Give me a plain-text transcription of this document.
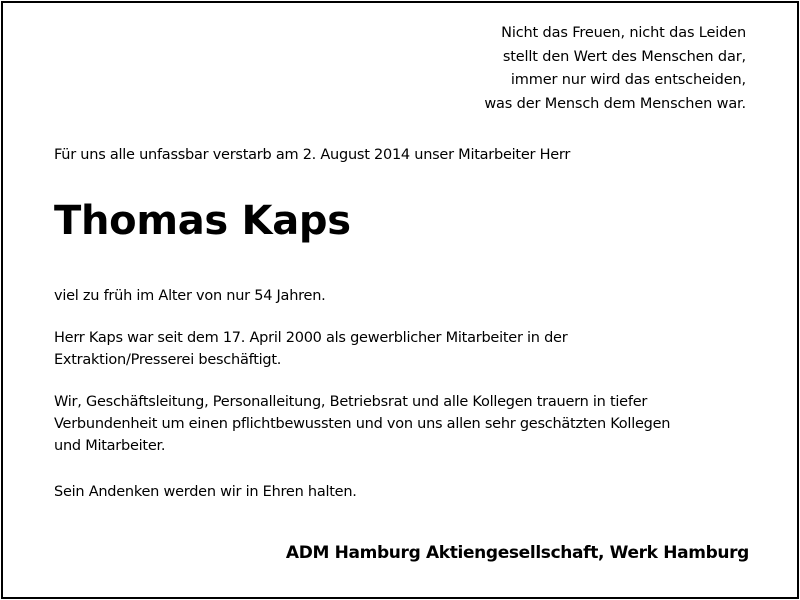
Nicht das Freuen, nicht das Leiden
stellt den Wert des Menschen dar,
immer nur wird das entscheiden,
was der Mensch dem Menschen war.
Für uns alle unfassbar verstarb am 2. August 2014 unser Mitarbeiter Herr
Thomas Kaps
viel zu früh im Alter von nur 54 Jahren.
Herr Kaps war seit dem 17. April 2000 als gewerblicher Mitarbeiter in der
Extraktion/Presserei beschäftigt.
Wir, Geschäftsleitung, Personalleitung, Betriebsrat und alle Kollegen trauern in tiefer
Verbundenheit um einen pflichtbewussten und von uns allen sehr geschätzten Kollegen
und Mitarbeiter.
Sein Andenken werden wir in Ehren halten.
ADM Hamburg Aktiengesellschaft, Werk Hamburg
